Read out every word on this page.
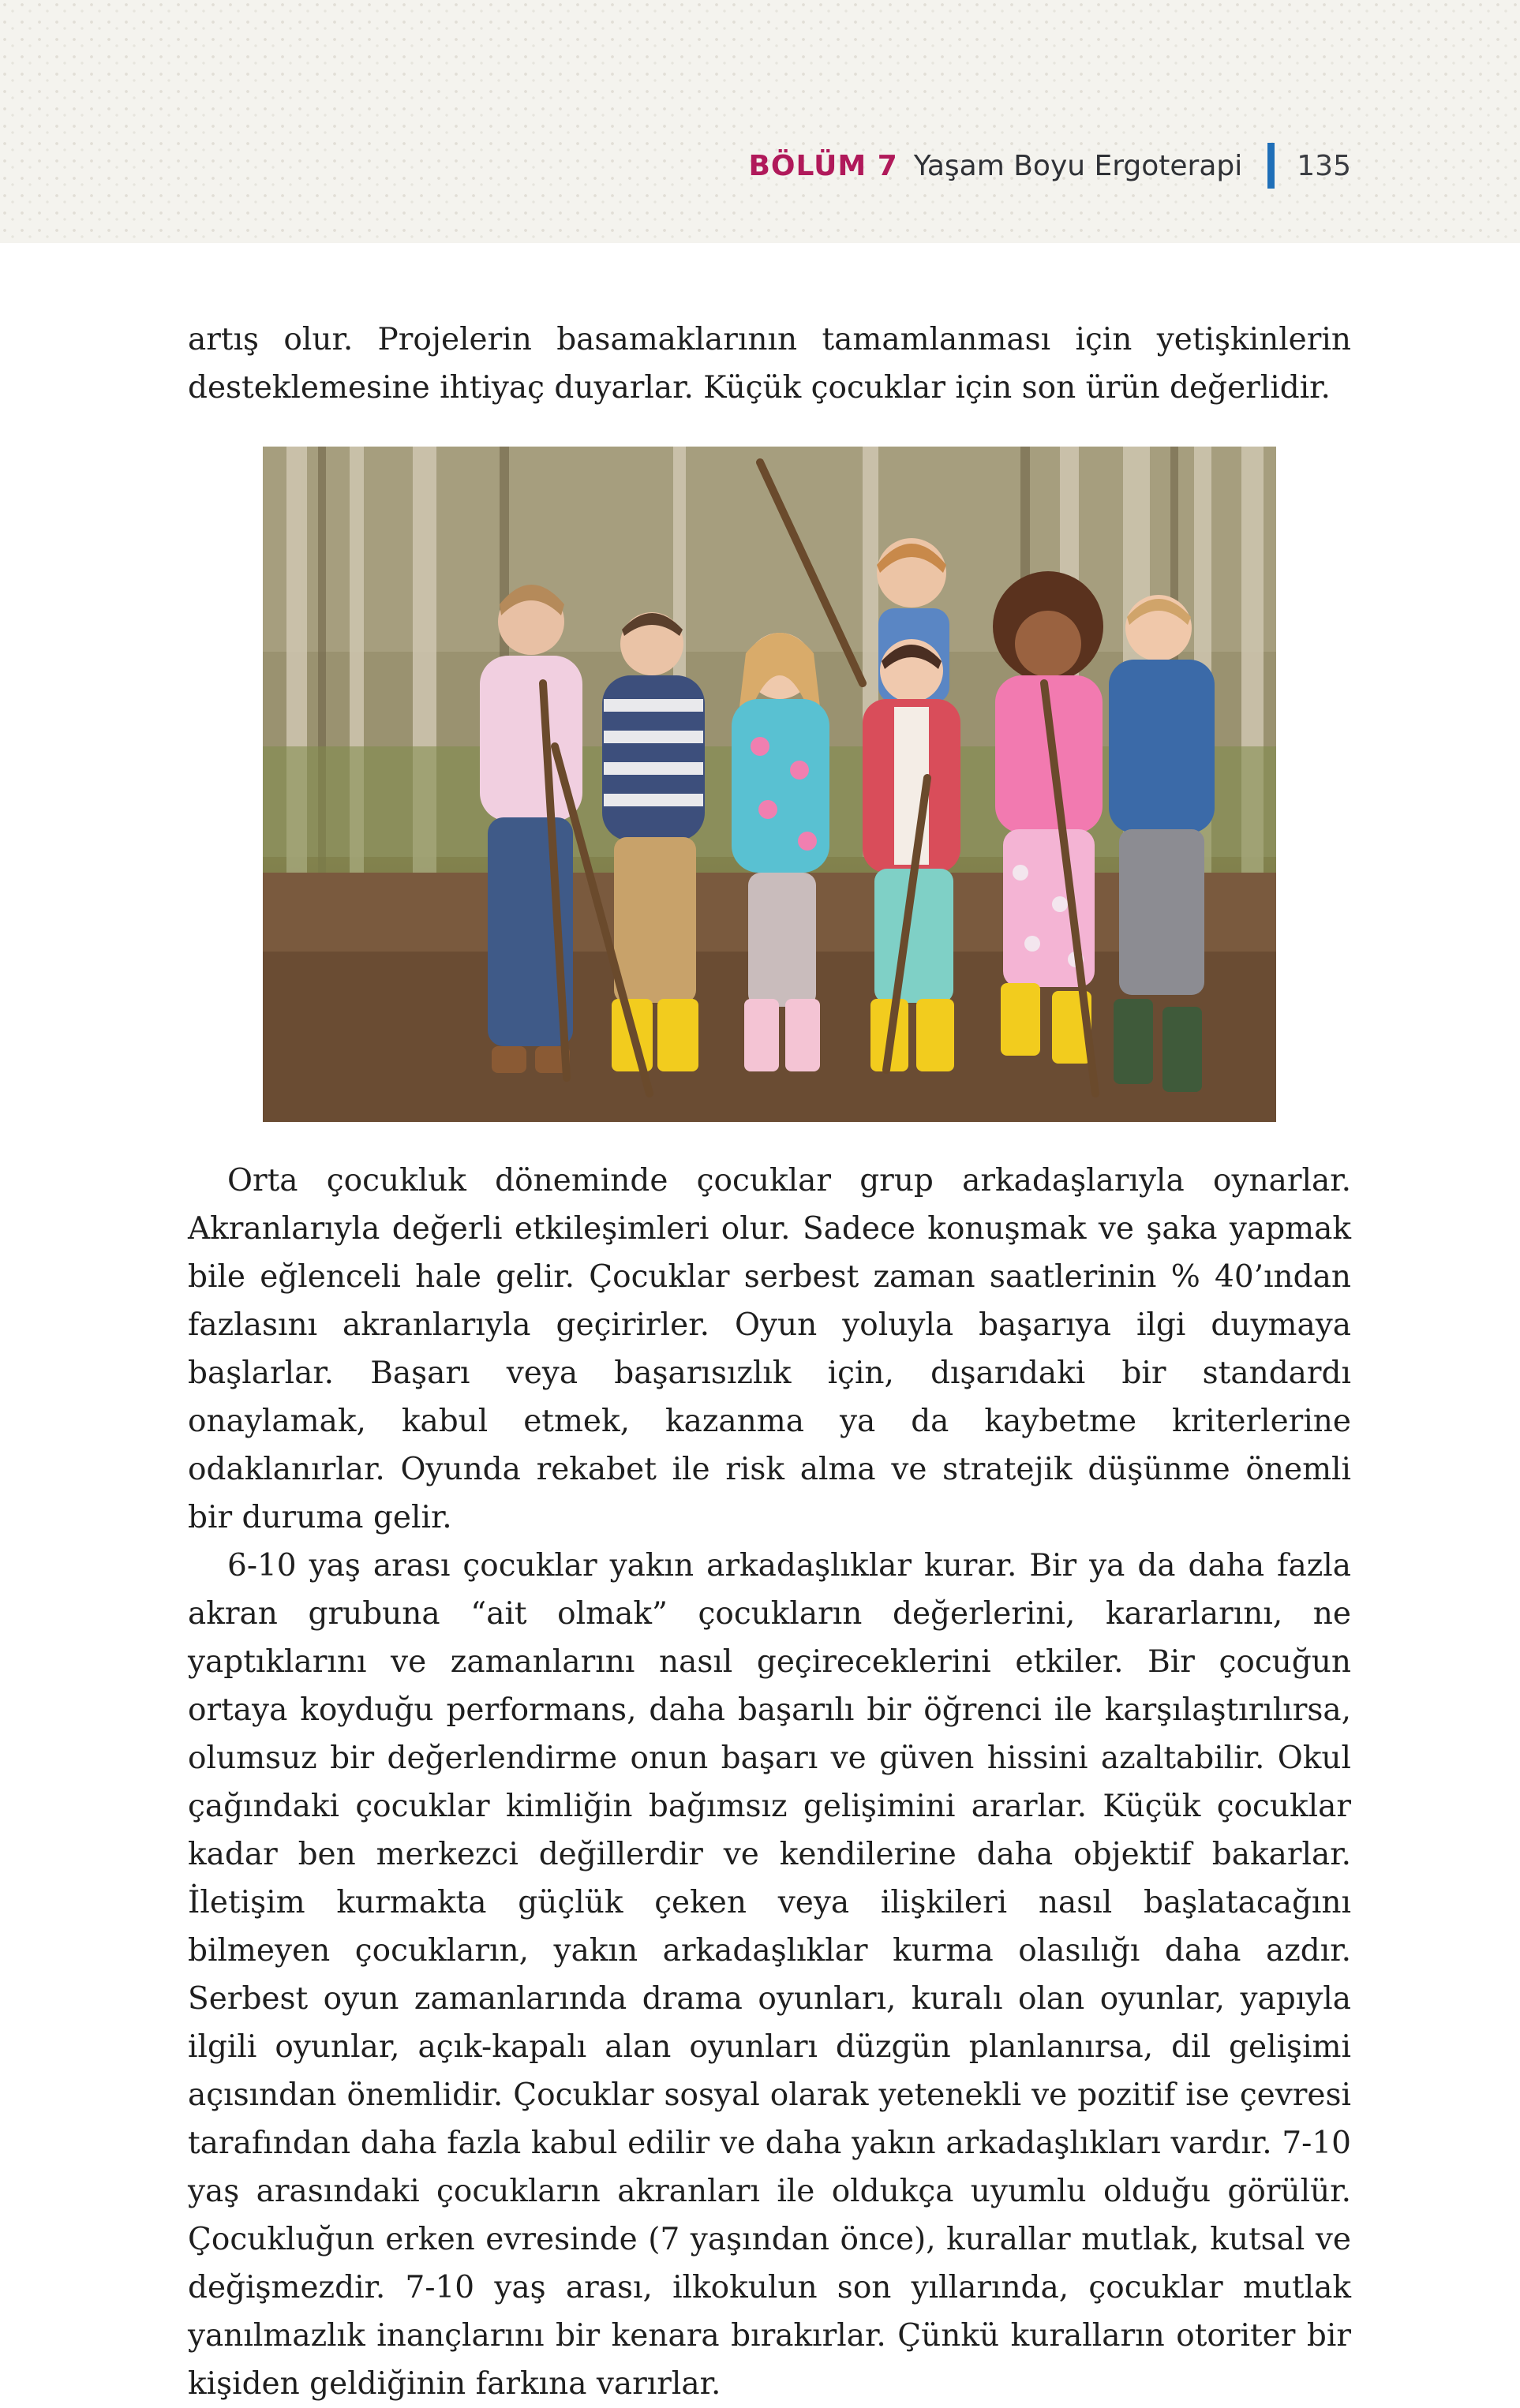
BÖLÜM 7 Yaşam Boyu Ergoterapi 135

artış olur. Projelerin basamaklarının tamamlanması için yetişkinlerin desteklemesine ihtiyaç duyarlar. Küçük çocuklar için son ürün değerlidir.

Orta çocukluk döneminde çocuklar grup arkadaşlarıyla oynarlar. Akranlarıyla değerli etkileşimleri olur. Sadece konuşmak ve şaka yapmak bile eğlenceli hale gelir. Çocuklar serbest zaman saatlerinin % 40’ından fazlasını akranlarıyla geçirirler. Oyun yoluyla başarıya ilgi duymaya başlarlar. Başarı veya başarısızlık için, dışarıdaki bir standardı onaylamak, kabul etmek, kazanma ya da kaybetme kriterlerine odaklanırlar. Oyunda rekabet ile risk alma ve stratejik düşünme önemli bir duruma gelir.

6-10 yaş arası çocuklar yakın arkadaşlıklar kurar. Bir ya da daha fazla akran grubuna “ait olmak” çocukların değerlerini, kararlarını, ne yaptıklarını ve zamanlarını nasıl geçireceklerini etkiler. Bir çocuğun ortaya koyduğu performans, daha başarılı bir öğrenci ile karşılaştırılırsa, olumsuz bir değerlendirme onun başarı ve güven hissini azaltabilir. Okul çağındaki çocuklar kimliğin bağımsız gelişimini ararlar. Küçük çocuklar kadar ben merkezci değillerdir ve kendilerine daha objektif bakarlar. İletişim kurmakta güçlük çeken veya ilişkileri nasıl başlatacağını bilmeyen çocukların, yakın arkadaşlıklar kurma olasılığı daha azdır. Serbest oyun zamanlarında drama oyunları, kuralı olan oyunlar, yapıyla ilgili oyunlar, açık-kapalı alan oyunları düzgün planlanırsa, dil gelişimi açısından önemlidir. Çocuklar sosyal olarak yetenekli ve pozitif ise çevresi tarafından daha fazla kabul edilir ve daha yakın arkadaşlıkları vardır. 7-10 yaş arasındaki çocukların akranları ile oldukça uyumlu olduğu görülür. Çocukluğun erken evresinde (7 yaşından önce), kurallar mutlak, kutsal ve değişmezdir. 7-10 yaş arası, ilkokulun son yıllarında, çocuklar mutlak yanılmazlık inançlarını bir kenara bırakırlar. Çünkü kuralların otoriter bir kişiden geldiğinin farkına varırlar.
